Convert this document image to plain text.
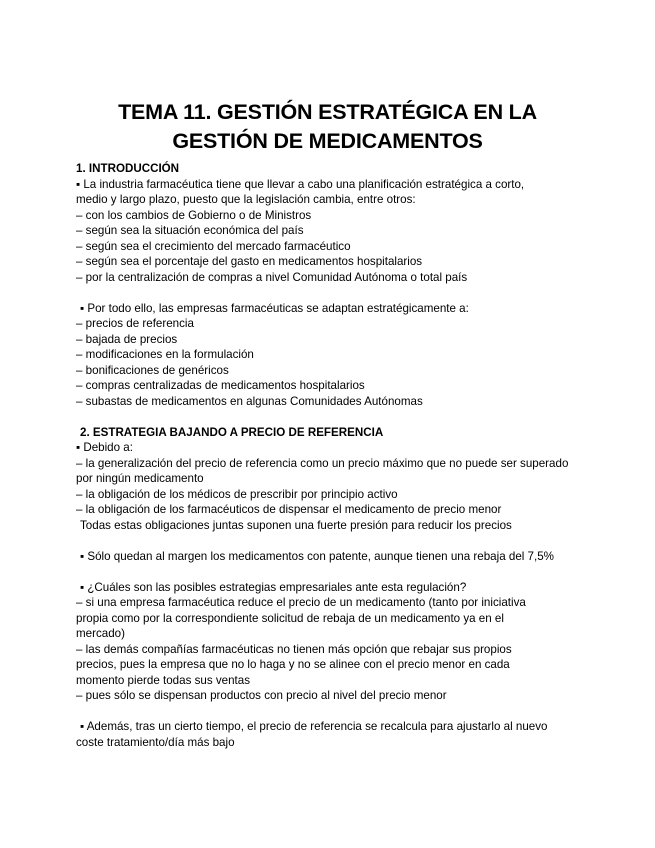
TEMA 11. GESTIÓN ESTRATÉGICA EN LA
GESTIÓN DE MEDICAMENTOS
1. INTRODUCCIÓN
▪ La industria farmacéutica tiene que llevar a cabo una planificación estratégica a corto,
medio y largo plazo, puesto que la legislación cambia, entre otros:
– con los cambios de Gobierno o de Ministros
– según sea la situación económica del país
– según sea el crecimiento del mercado farmacéutico
– según sea el porcentaje del gasto en medicamentos hospitalarios
– por la centralización de compras a nivel Comunidad Autónoma o total país
▪ Por todo ello, las empresas farmacéuticas se adaptan estratégicamente a:
– precios de referencia
– bajada de precios
– modificaciones en la formulación
– bonificaciones de genéricos
– compras centralizadas de medicamentos hospitalarios
– subastas de medicamentos en algunas Comunidades Autónomas
2. ESTRATEGIA BAJANDO A PRECIO DE REFERENCIA
▪ Debido a:
– la generalización del precio de referencia como un precio máximo que no puede ser superado
por ningún medicamento
– la obligación de los médicos de prescribir por principio activo
– la obligación de los farmacéuticos de dispensar el medicamento de precio menor
Todas estas obligaciones juntas suponen una fuerte presión para reducir los precios
▪ Sólo quedan al margen los medicamentos con patente, aunque tienen una rebaja del 7,5%
▪ ¿Cuáles son las posibles estrategias empresariales ante esta regulación?
– si una empresa farmacéutica reduce el precio de un medicamento (tanto por iniciativa
propia como por la correspondiente solicitud de rebaja de un medicamento ya en el
mercado)
– las demás compañías farmacéuticas no tienen más opción que rebajar sus propios
precios, pues la empresa que no lo haga y no se alinee con el precio menor en cada
momento pierde todas sus ventas
– pues sólo se dispensan productos con precio al nivel del precio menor
▪ Además, tras un cierto tiempo, el precio de referencia se recalcula para ajustarlo al nuevo
coste tratamiento/día más bajo
